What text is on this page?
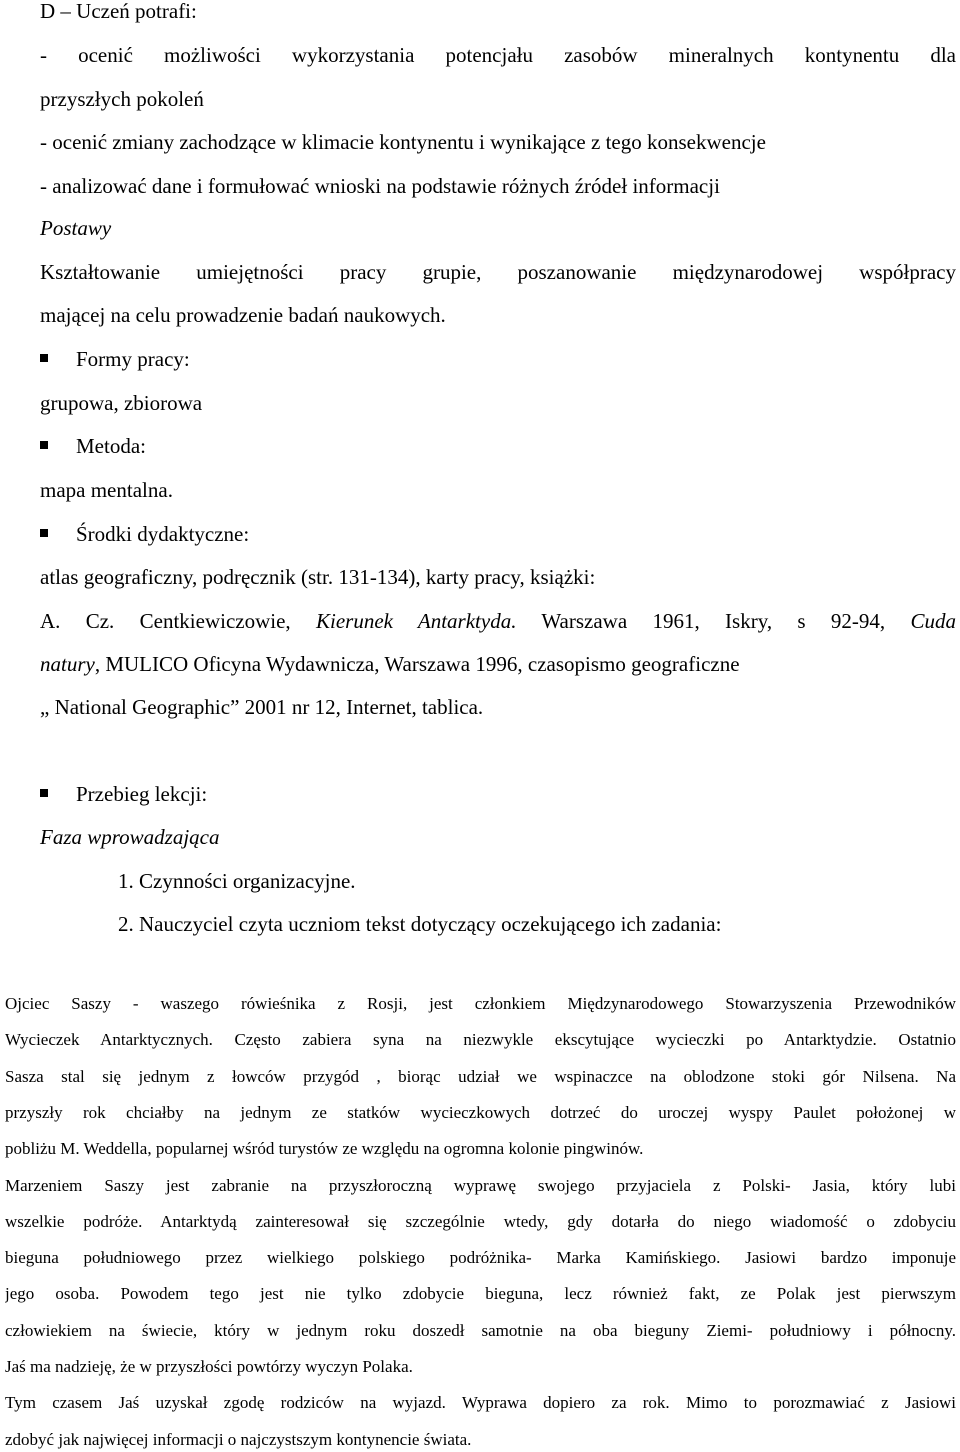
D – Uczeń potrafi:
- ocenić możliwości wykorzystania potencjału zasobów mineralnych kontynentu dla
przyszłych pokoleń
- ocenić zmiany zachodzące w klimacie kontynentu i wynikające z tego konsekwencje
- analizować dane i formułować wnioski na podstawie różnych źródeł informacji
Postawy
Kształtowanie umiejętności pracy grupie, poszanowanie międzynarodowej współpracy
mającej na celu prowadzenie badań naukowych.
Formy pracy:
grupowa, zbiorowa
Metoda:
mapa mentalna.
Środki dydaktyczne:
atlas geograficzny, podręcznik (str. 131-134), karty pracy, książki:
A. Cz. Centkiewiczowie, Kierunek Antarktyda. Warszawa 1961, Iskry, s 92-94, Cuda
natury, MULICO Oficyna Wydawnicza, Warszawa 1996, czasopismo geograficzne
„ National Geographic” 2001 nr 12, Internet, tablica.
Przebieg lekcji:
Faza wprowadzająca
1. Czynności organizacyjne.
2. Nauczyciel czyta uczniom tekst dotyczący oczekującego ich zadania:
Ojciec Saszy - waszego rówieśnika z Rosji, jest członkiem Międzynarodowego Stowarzyszenia Przewodników
Wycieczek Antarktycznych. Często zabiera syna na niezwykle ekscytujące wycieczki po Antarktydzie. Ostatnio
Sasza stal się jednym z łowców przygód , biorąc udział we wspinaczce na oblodzone stoki gór Nilsena. Na
przyszły rok chciałby na jednym ze statków wycieczkowych dotrzeć do uroczej wyspy Paulet położonej w
pobliżu M. Weddella, popularnej wśród turystów ze względu na ogromna kolonie pingwinów.
Marzeniem Saszy jest zabranie na przyszłoroczną wyprawę swojego przyjaciela z Polski- Jasia, który lubi
wszelkie podróże. Antarktydą zainteresował się szczególnie wtedy, gdy dotarła do niego wiadomość o zdobyciu
bieguna południowego przez wielkiego polskiego podróżnika- Marka Kamińskiego. Jasiowi bardzo imponuje
jego osoba. Powodem tego jest nie tylko zdobycie bieguna, lecz również fakt, ze Polak jest pierwszym
człowiekiem na świecie, który w jednym roku doszedł samotnie na oba bieguny Ziemi- południowy i północny.
Jaś ma nadzieję, że w przyszłości powtórzy wyczyn Polaka.
Tym czasem Jaś uzyskał zgodę rodziców na wyjazd. Wyprawa dopiero za rok. Mimo to porozmawiać z Jasiowi
zdobyć jak najwięcej informacji o najczystszym kontynencie świata.
